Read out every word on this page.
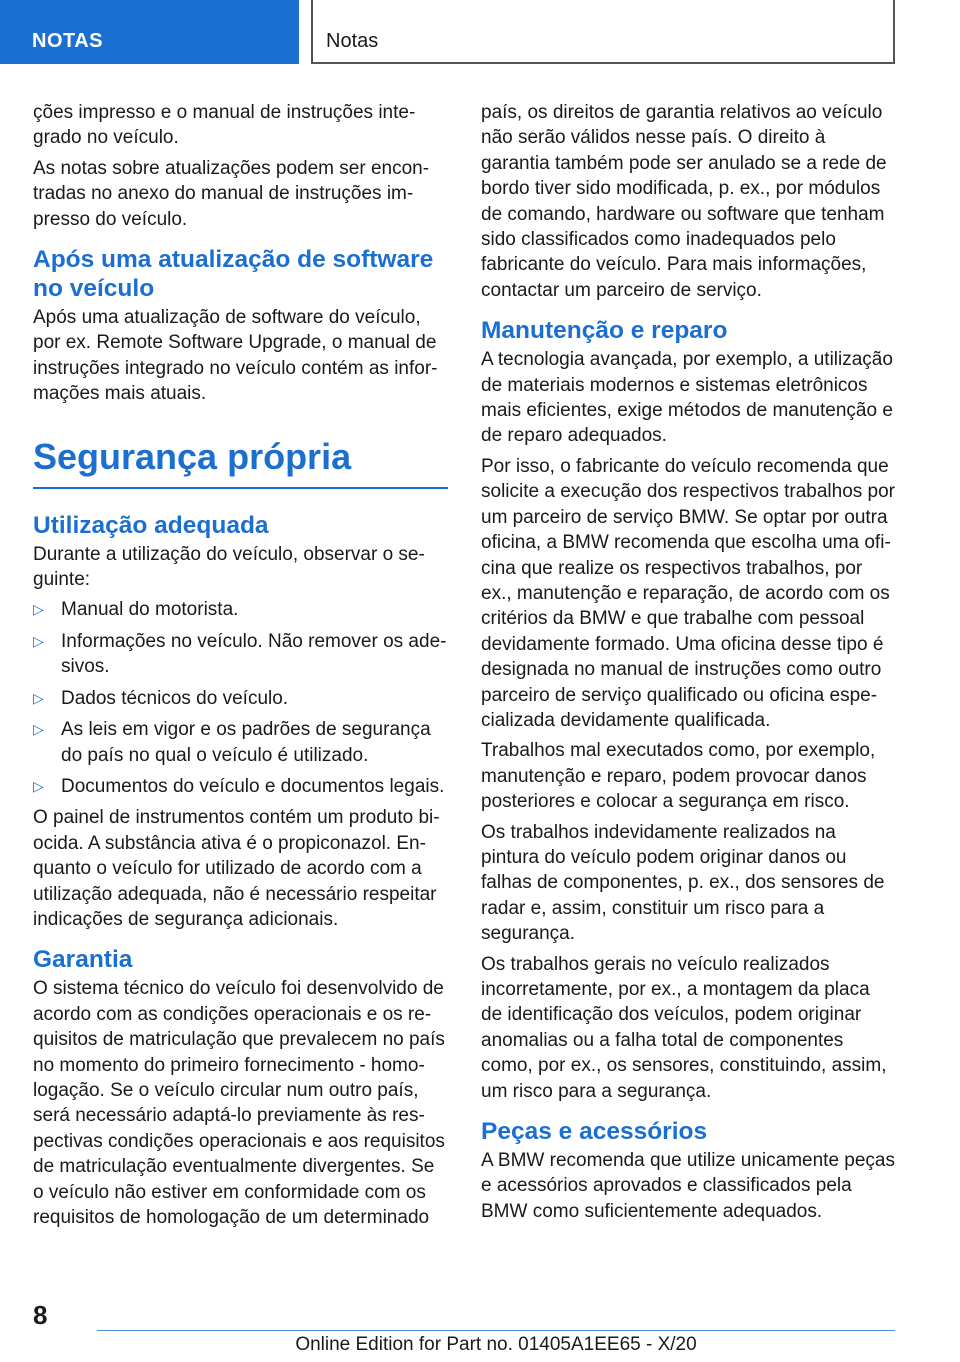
NOTAS	Notas

ções impresso e o manual de instruções integrado no veículo.

As notas sobre atualizações podem ser encontradas no anexo do manual de instruções impresso do veículo.

Após uma atualização de software no veículo

Após uma atualização de software do veículo, por ex. Remote Software Upgrade, o manual de instruções integrado no veículo contém as informações mais atuais.

Segurança própria
Utilização adequada

Durante a utilização do veículo, observar o seguinte:

▷ Manual do motorista.
▷ Informações no veículo. Não remover os adesivos.
▷ Dados técnicos do veículo.
▷ As leis em vigor e os padrões de segurança do país no qual o veículo é utilizado.
▷ Documentos do veículo e documentos legais.

O painel de instrumentos contém um produto biocida. A substância ativa é o propiconazol. Enquanto o veículo for utilizado de acordo com a utilização adequada, não é necessário respeitar indicações de segurança adicionais.

Garantia

O sistema técnico do veículo foi desenvolvido de acordo com as condições operacionais e os requisitos de matriculação que prevalecem no país no momento do primeiro fornecimento - homologação. Se o veículo circular num outro país, será necessário adaptá-lo previamente às respectivas condições operacionais e aos requisitos de matriculação eventualmente divergentes. Se o veículo não estiver em conformidade com os requisitos de homologação de um determinado

país, os direitos de garantia relativos ao veículo não serão válidos nesse país. O direito à garantia também pode ser anulado se a rede de bordo tiver sido modificada, p. ex., por módulos de comando, hardware ou software que tenham sido classificados como inadequados pelo fabricante do veículo. Para mais informações, contactar um parceiro de serviço.

Manutenção e reparo

A tecnologia avançada, por exemplo, a utilização de materiais modernos e sistemas eletrônicos mais eficientes, exige métodos de manutenção e de reparo adequados.

Por isso, o fabricante do veículo recomenda que solicite a execução dos respectivos trabalhos por um parceiro de serviço BMW. Se optar por outra oficina, a BMW recomenda que escolha uma oficina que realize os respectivos trabalhos, por ex., manutenção e reparação, de acordo com os critérios da BMW e que trabalhe com pessoal devidamente formado. Uma oficina desse tipo é designada no manual de instruções como outro parceiro de serviço qualificado ou oficina especializada devidamente qualificada.

Trabalhos mal executados como, por exemplo, manutenção e reparo, podem provocar danos posteriores e colocar a segurança em risco.

Os trabalhos indevidamente realizados na pintura do veículo podem originar danos ou falhas de componentes, p. ex., dos sensores de radar e, assim, constituir um risco para a segurança.

Os trabalhos gerais no veículo realizados incorretamente, por ex., a montagem da placa de identificação dos veículos, podem originar anomalias ou a falha total de componentes como, por ex., os sensores, constituindo, assim, um risco para a segurança.

Peças e acessórios

A BMW recomenda que utilize unicamente peças e acessórios aprovados e classificados pela BMW como suficientemente adequados.

8
Online Edition for Part no. 01405A1EE65 - X/20
